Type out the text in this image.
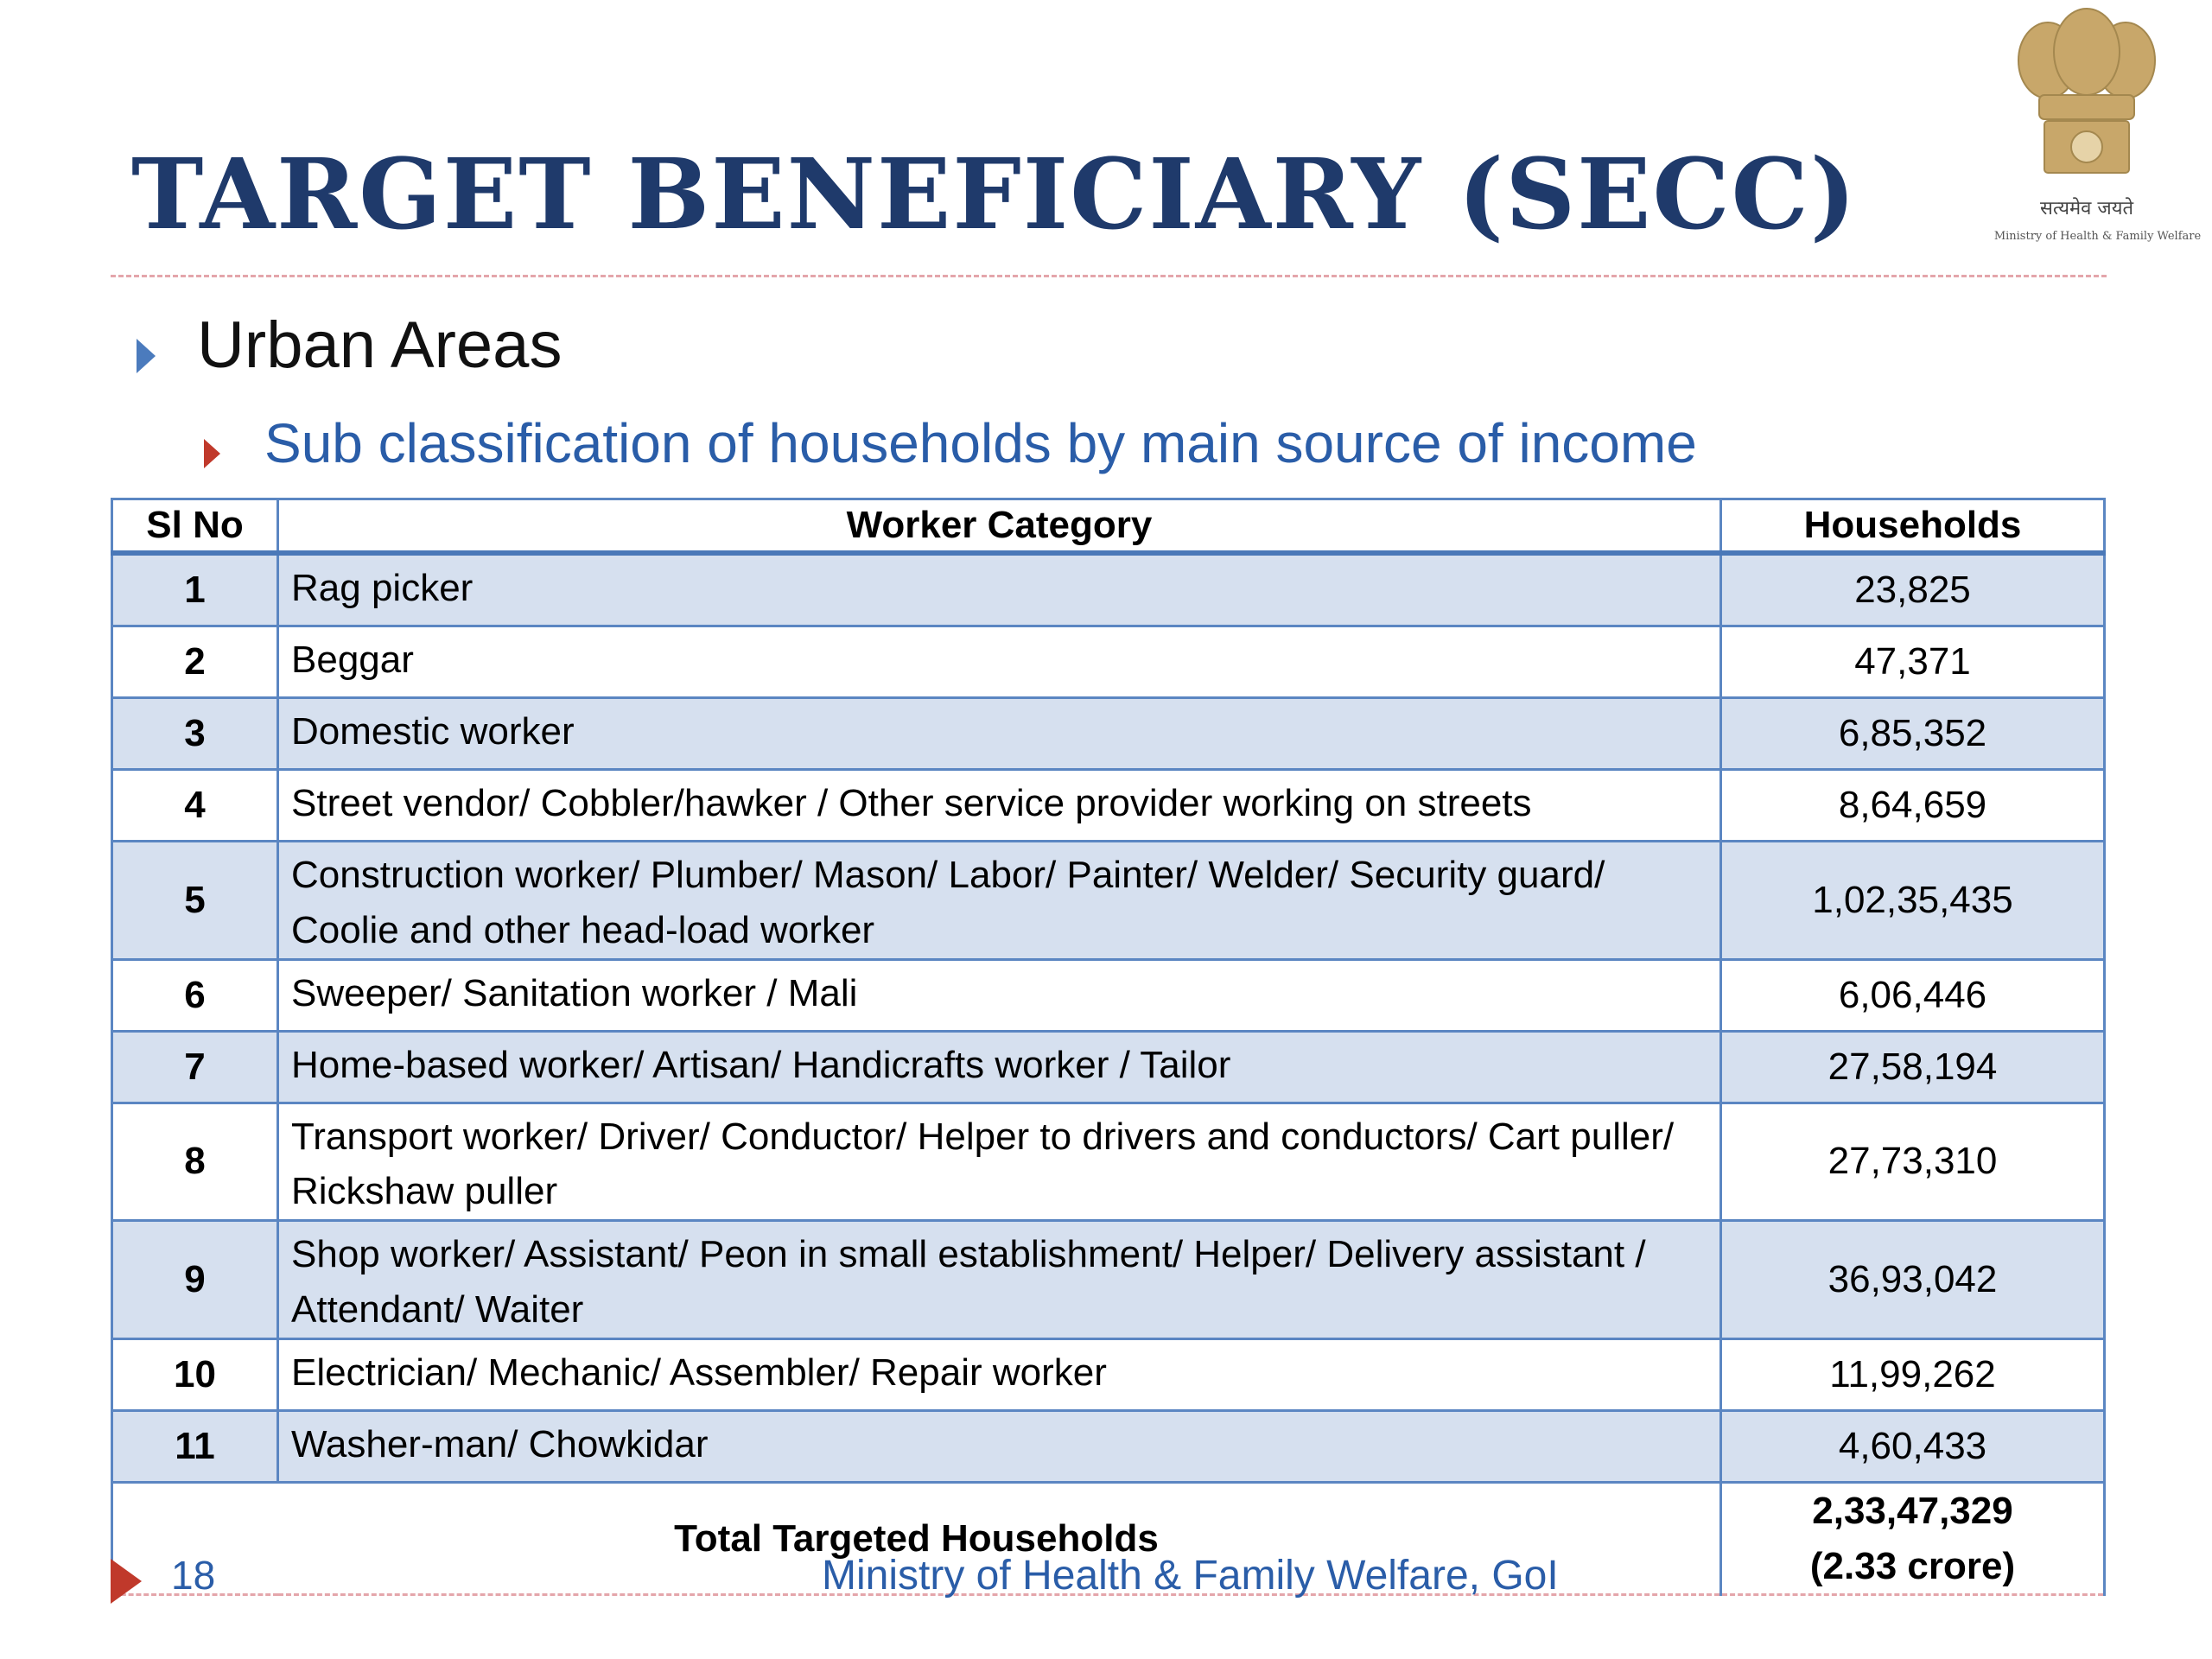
TARGET BENEFICIARY (SECC)	सत्यमेव जयते
Ministry of Health & Family Welfare
Urban Areas
Sub classification of households by main source of income
Sl No	Worker Category	Households
1	Rag picker	23,825
2	Beggar	47,371
3	Domestic worker	6,85,352
4	Street vendor/ Cobbler/hawker / Other service provider working on streets	8,64,659
5	Construction worker/ Plumber/ Mason/ Labor/ Painter/ Welder/ Security guard/ Coolie and other head-load worker	1,02,35,435
6	Sweeper/ Sanitation worker / Mali	6,06,446
7	Home-based worker/ Artisan/ Handicrafts worker / Tailor	27,58,194
8	Transport worker/ Driver/ Conductor/ Helper to drivers and conductors/ Cart puller/ Rickshaw puller	27,73,310
9	Shop worker/ Assistant/ Peon in small establishment/ Helper/ Delivery assistant / Attendant/ Waiter	36,93,042
10	Electrician/ Mechanic/ Assembler/ Repair worker	11,99,262
11	Washer-man/ Chowkidar	4,60,433
Total Targeted Households		2,33,47,329
(2.33 crore)
18	Ministry of Health & Family Welfare, GoI
